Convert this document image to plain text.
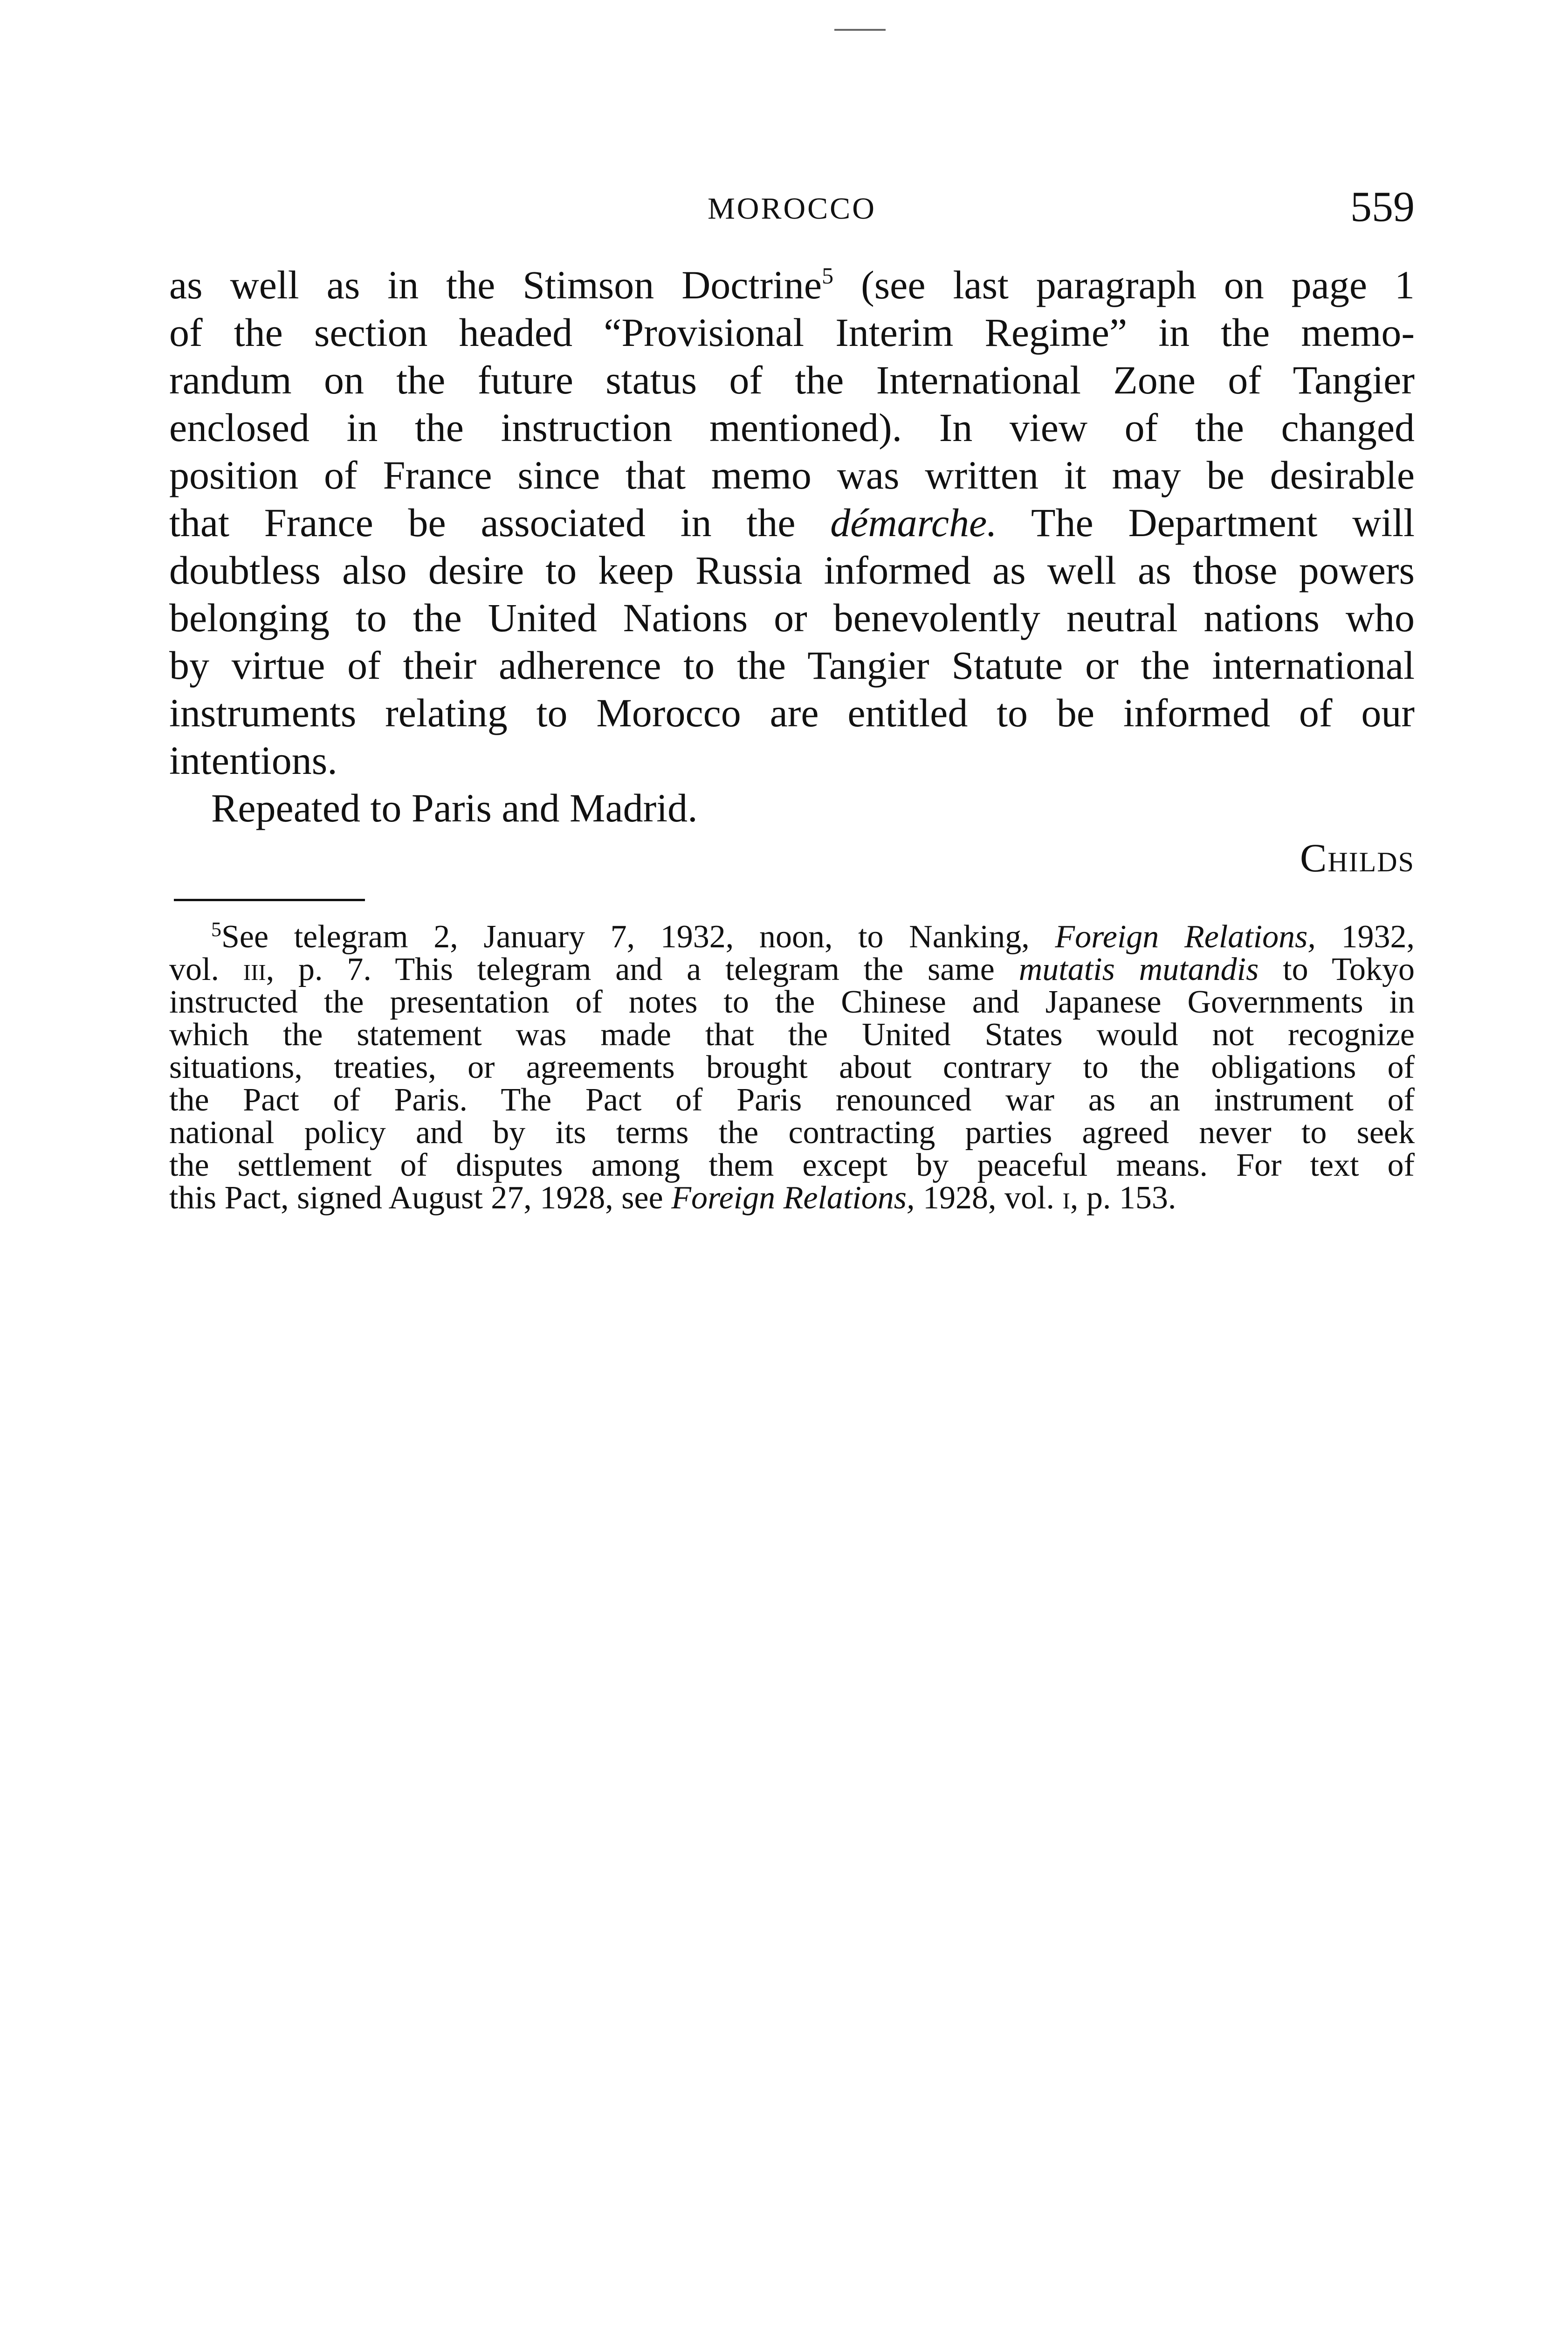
MOROCCO	559
as well as in the Stimson Doctrine$^5$ (see last paragraph on page 1
of the section headed “Provisional Interim Regime” in the memo-
randum on the future status of the International Zone of Tangier
enclosed in the instruction mentioned). In view of the changed
position of France since that memo was written it may be desirable
that France be associated in the démarche. The Department will
doubtless also desire to keep Russia informed as well as those powers
belonging to the United Nations or benevolently neutral nations who
by virtue of their adherence to the Tangier Statute or the international
instruments relating to Morocco are entitled to be informed of our
intentions.
Repeated to Paris and Madrid.
Childs
$^5$See telegram 2, January 7, 1932, noon, to Nanking, Foreign Relations, 1932,
vol. iii, p. 7. This telegram and a telegram the same mutatis mutandis to Tokyo
instructed the presentation of notes to the Chinese and Japanese Governments in
which the statement was made that the United States would not recognize
situations, treaties, or agreements brought about contrary to the obligations of
the Pact of Paris. The Pact of Paris renounced war as an instrument of
national policy and by its terms the contracting parties agreed never to seek
the settlement of disputes among them except by peaceful means. For text of
this Pact, signed August 27, 1928, see Foreign Relations, 1928, vol. i, p. 153.
